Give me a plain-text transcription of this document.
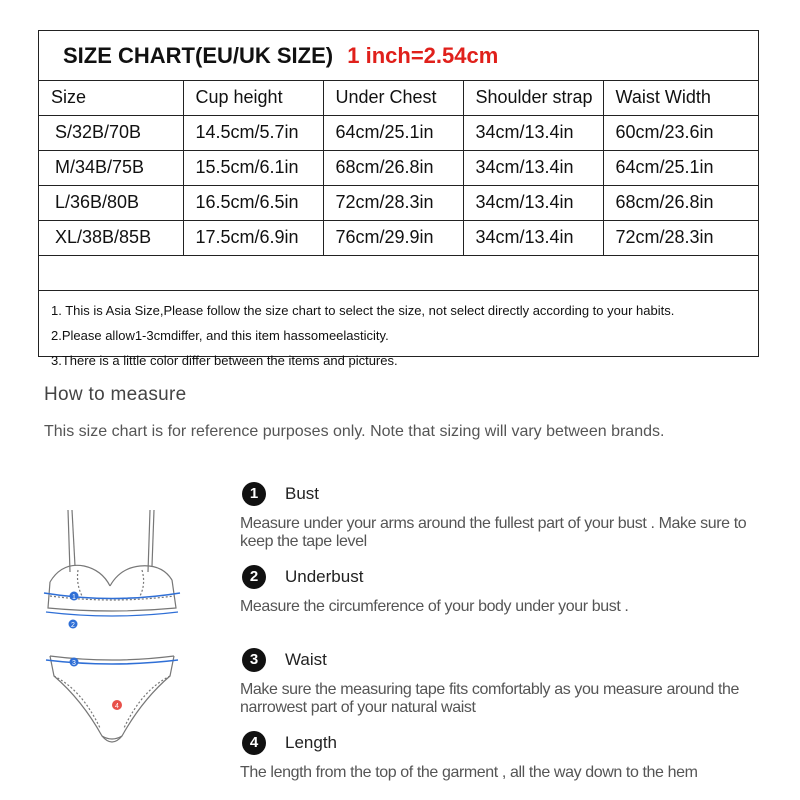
SIZE CHART(EU/UK SIZE) 1 inch=2.54cm
Size	Cup height	Under Chest	Shoulder strap	Waist Width
S/32B/70B	14.5cm/5.7in	64cm/25.1in	34cm/13.4in	60cm/23.6in
M/34B/75B	15.5cm/6.1in	68cm/26.8in	34cm/13.4in	64cm/25.1in
L/36B/80B	16.5cm/6.5in	72cm/28.3in	34cm/13.4in	68cm/26.8in
XL/38B/85B	17.5cm/6.9in	76cm/29.9in	34cm/13.4in	72cm/28.3in
1. This is Asia Size,Please follow the size chart to select the size, not select directly according to your habits.
2.Please allow1-3cmdiffer, and this item hassomeelasticity.
3.There is a little color differ between the items and pictures.
How to measure
This size chart is for reference purposes only. Note that sizing will vary between brands.
1
2
3
4
1	Bust
Measure under your arms around the fullest part of your bust . Make sure to keep the tape level
2	Underbust
Measure the circumference of your body under your bust .
3	Waist
Make sure the measuring tape fits comfortably as you measure around the narrowest part of your natural waist
4	Length
The length from the top of the garment , all the way down to the hem
